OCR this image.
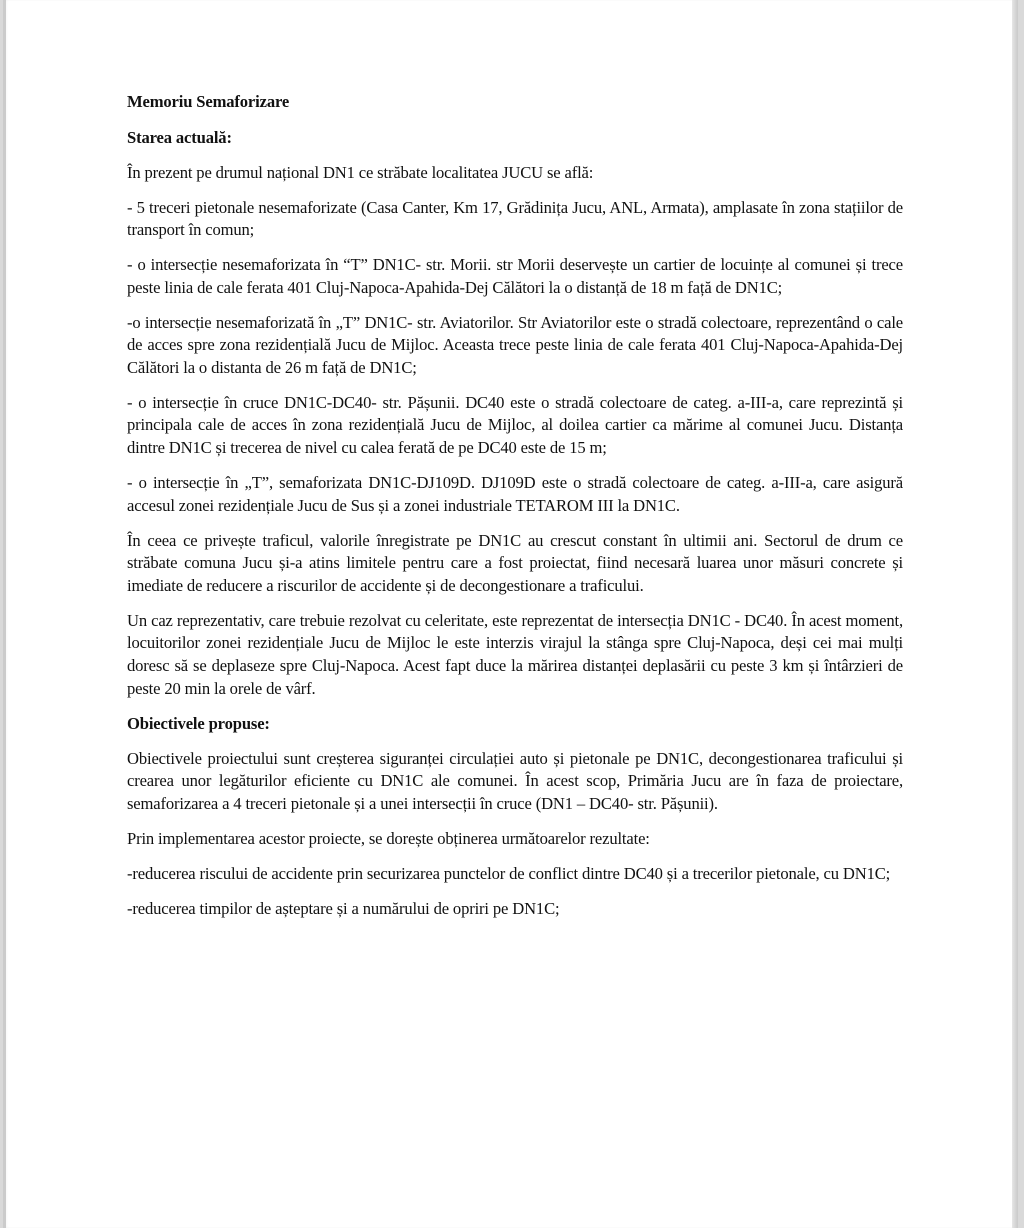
Memoriu Semaforizare

Starea actuală:

În prezent pe drumul național DN1 ce străbate localitatea JUCU se află:

- 5 treceri pietonale nesemaforizate (Casa Canter, Km 17, Grădinița Jucu, ANL, Armata), amplasate în zona stațiilor de transport în comun;

- o intersecție nesemaforizata în “T” DN1C- str. Morii. str Morii deservește un cartier de locuințe al comunei și trece peste linia de cale ferata 401 Cluj-Napoca-Apahida-Dej Călători la o distanță de 18 m față de DN1C;

-o intersecție nesemaforizată în „T” DN1C- str. Aviatorilor. Str Aviatorilor este o stradă colectoare, reprezentând o cale de acces spre zona rezidențială Jucu de Mijloc. Aceasta trece peste linia de cale ferata 401 Cluj-Napoca-Apahida-Dej Călători la o distanta de 26 m față de DN1C;

- o intersecție în cruce DN1C-DC40- str. Pășunii. DC40 este o stradă colectoare de categ. a-III-a, care reprezintă și principala cale de acces în zona rezidențială Jucu de Mijloc, al doilea cartier ca mărime al comunei Jucu. Distanța dintre DN1C și trecerea de nivel cu calea ferată de pe DC40 este de 15 m;

- o intersecție în „T”, semaforizata DN1C-DJ109D. DJ109D este o stradă colectoare de categ. a-III-a, care asigură accesul zonei rezidențiale Jucu de Sus și a zonei industriale TETAROM III la DN1C.

În ceea ce privește traficul, valorile înregistrate pe DN1C au crescut constant în ultimii ani. Sectorul de drum ce străbate comuna Jucu și-a atins limitele pentru care a fost proiectat, fiind necesară luarea unor măsuri concrete și imediate de reducere a riscurilor de accidente și de decongestionare a traficului.

Un caz reprezentativ, care trebuie rezolvat cu celeritate, este reprezentat de intersecția DN1C - DC40. În acest moment, locuitorilor zonei rezidențiale Jucu de Mijloc le este interzis virajul la stânga spre Cluj-Napoca, deși cei mai mulți doresc să se deplaseze spre Cluj-Napoca. Acest fapt duce la mărirea distanței deplasării cu peste 3 km și întârzieri de peste 20 min la orele de vârf.

Obiectivele propuse:

Obiectivele proiectului sunt creșterea siguranței circulației auto și pietonale pe DN1C, decongestionarea traficului și crearea unor legăturilor eficiente cu DN1C ale comunei. În acest scop, Primăria Jucu are în faza de proiectare, semaforizarea a 4 treceri pietonale și a unei intersecții în cruce (DN1 – DC40- str. Pășunii).

Prin implementarea acestor proiecte, se dorește obținerea următoarelor rezultate:

-reducerea riscului de accidente prin securizarea punctelor de conflict dintre DC40 și a trecerilor pietonale, cu DN1C;

-reducerea timpilor de așteptare și a numărului de opriri pe DN1C;
